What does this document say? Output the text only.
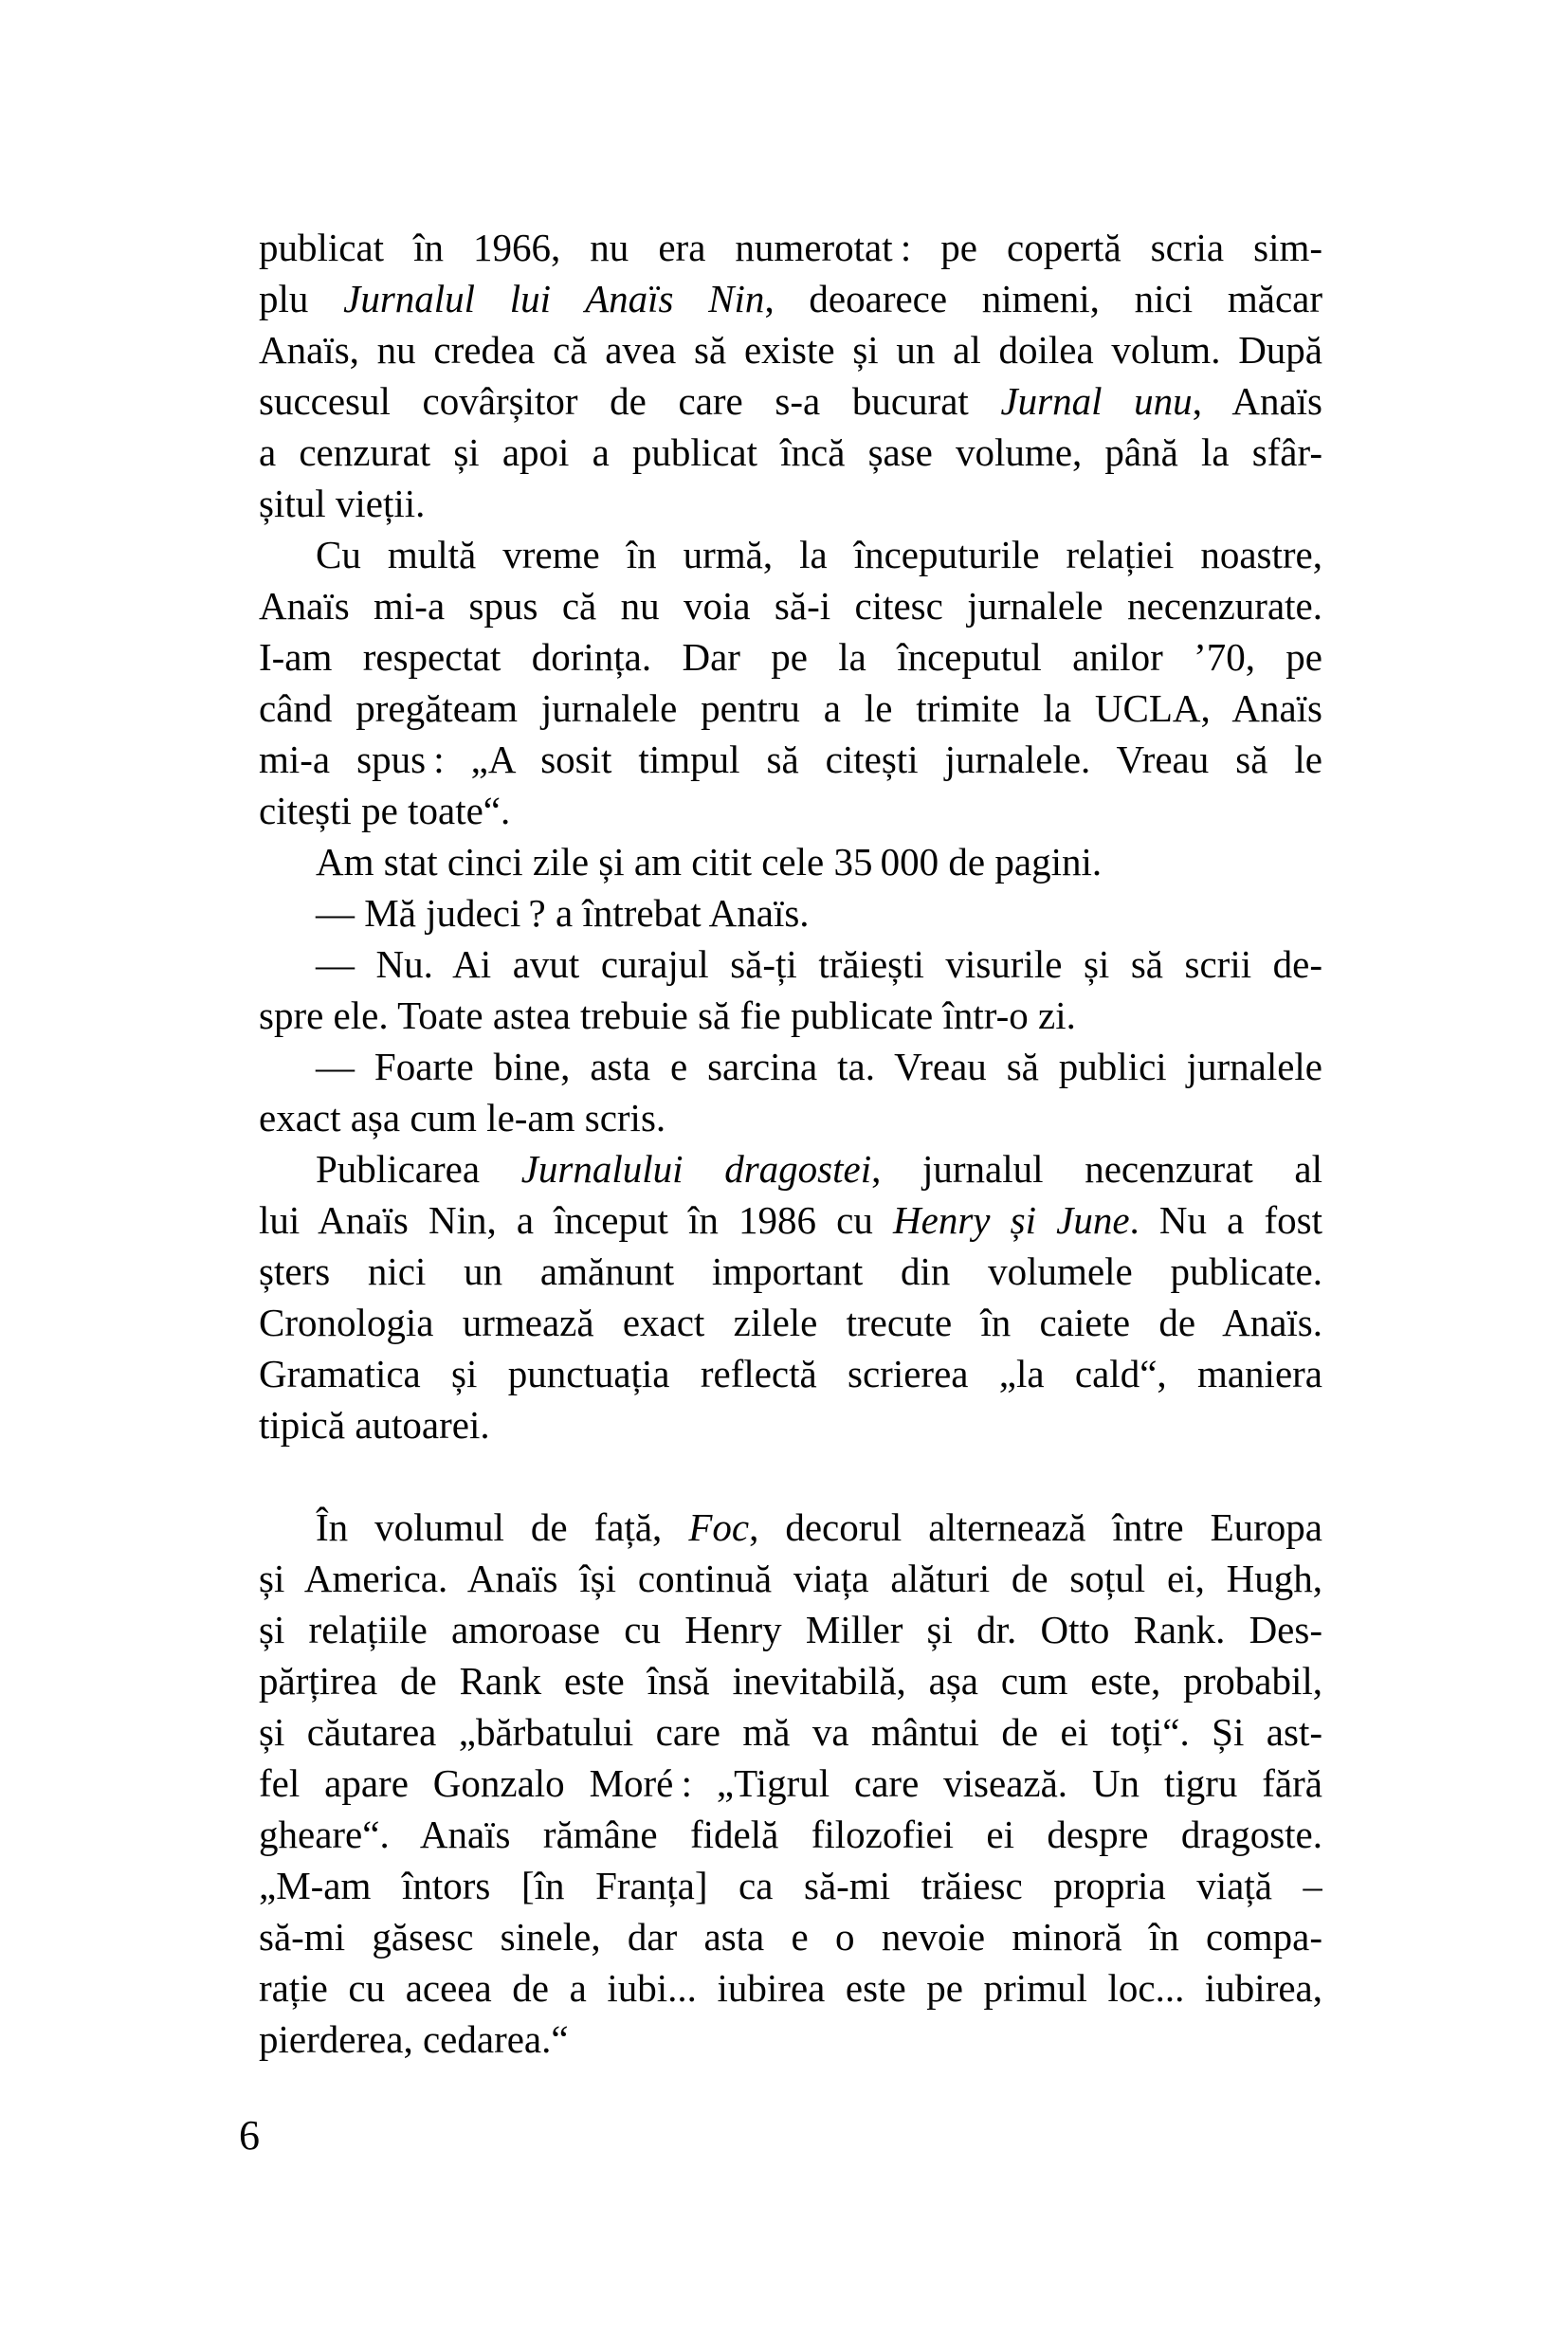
publicat în 1966, nu era numerotat : pe copertă scria sim-
plu Jurnalul lui Anaïs Nin, deoarece nimeni, nici măcar
Anaïs, nu credea că avea să existe și un al doilea volum. După
succesul covârșitor de care s-a bucurat Jurnal unu, Anaïs
a cenzurat și apoi a publicat încă șase volume, până la sfâr-
șitul vieții.
Cu multă vreme în urmă, la începuturile relației noastre,
Anaïs mi-a spus că nu voia să-i citesc jurnalele necenzurate.
I-am respectat dorința. Dar pe la începutul anilor ’70, pe
când pregăteam jurnalele pentru a le trimite la UCLA, Anaïs
mi-a spus : „A sosit timpul să citești jurnalele. Vreau să le
citești pe toate“.
Am stat cinci zile și am citit cele 35 000 de pagini.
— Mă judeci ? a întrebat Anaïs.
— Nu. Ai avut curajul să-ți trăiești visurile și să scrii de-
spre ele. Toate astea trebuie să fie publicate într-o zi.
— Foarte bine, asta e sarcina ta. Vreau să publici jurnalele
exact așa cum le-am scris.
Publicarea Jurnalului dragostei, jurnalul necenzurat al
lui Anaïs Nin, a început în 1986 cu Henry și June. Nu a fost
șters nici un amănunt important din volumele publicate.
Cronologia urmează exact zilele trecute în caiete de Anaïs.
Gramatica și punctuația reflectă scrierea „la cald“, maniera
tipică autoarei.
În volumul de față, Foc, decorul alternează între Europa
și America. Anaïs își continuă viața alături de soțul ei, Hugh,
și relațiile amoroase cu Henry Miller și dr. Otto Rank. Des-
părțirea de Rank este însă inevitabilă, așa cum este, probabil,
și căutarea „bărbatului care mă va mântui de ei toți“. Și ast-
fel apare Gonzalo Moré : „Tigrul care visează. Un tigru fără
gheare“. Anaïs rămâne fidelă filozofiei ei despre dragoste.
„M-am întors [în Franța] ca să-mi trăiesc propria viață –
să-mi găsesc sinele, dar asta e o nevoie minoră în compa-
rație cu aceea de a iubi... iubirea este pe primul loc... iubirea,
pierderea, cedarea.“
6
